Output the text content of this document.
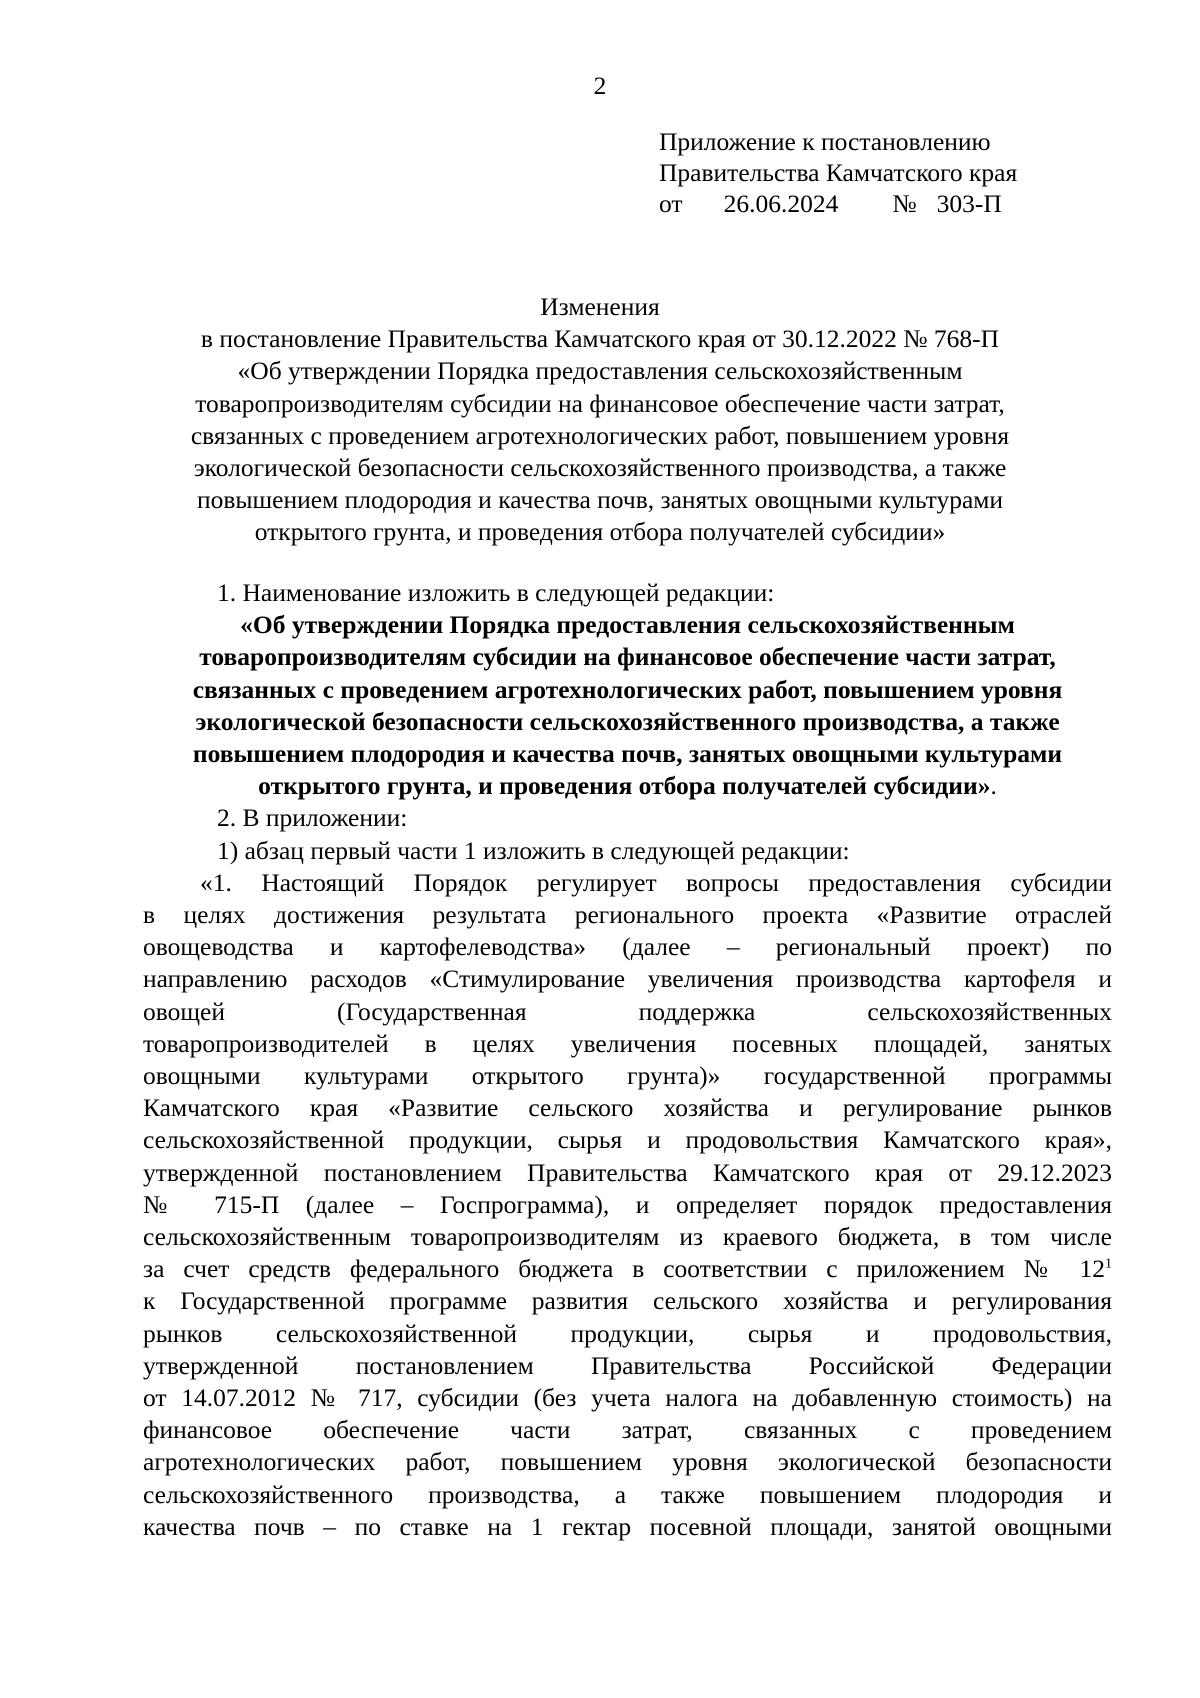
2
Приложение к постановлению
Правительства Камчатского края
от 26.06.2024 № 303-П
Изменения
в постановление Правительства Камчатского края от 30.12.2022 № 768-П
«Об утверждении Порядка предоставления сельскохозяйственным
товаропроизводителям субсидии на финансовое обеспечение части затрат,
связанных с проведением агротехнологических работ, повышением уровня
экологической безопасности сельскохозяйственного производства, а также
повышением плодородия и качества почв, занятых овощными культурами
открытого грунта, и проведения отбора получателей субсидии»

1. Наименование изложить в следующей редакции:

«Об утверждении Порядка предоставления сельскохозяйственным
товаропроизводителям субсидии на финансовое обеспечение части затрат,
связанных с проведением агротехнологических работ, повышением уровня
экологической безопасности сельскохозяйственного производства, а также
повышением плодородия и качества почв, занятых овощными культурами
открытого грунта, и проведения отбора получателей субсидии».

2. В приложении:

1) абзац первый части 1 изложить в следующей редакции:

«1. Настоящий Порядок регулирует вопросы предоставления субсидии
в целях достижения результата регионального проекта «Развитие отраслей
овощеводства и картофелеводства» (далее – региональный проект) по
направлению расходов «Стимулирование увеличения производства картофеля и
овощей (Государственная поддержка сельскохозяйственных
товаропроизводителей в целях увеличения посевных площадей, занятых
овощными культурами открытого грунта)» государственной программы
Камчатского края «Развитие сельского хозяйства и регулирование рынков
сельскохозяйственной продукции, сырья и продовольствия Камчатского края»,
утвержденной постановлением Правительства Камчатского края от 29.12.2023
№ 715-П (далее – Госпрограмма), и определяет порядок предоставления
сельскохозяйственным товаропроизводителям из краевого бюджета, в том числе
за счет средств федерального бюджета в соответствии с приложением № $12^1$
к Государственной программе развития сельского хозяйства и регулирования
рынков сельскохозяйственной продукции, сырья и продовольствия,
утвержденной постановлением Правительства Российской Федерации
от 14.07.2012 № 717, субсидии (без учета налога на добавленную стоимость) на
финансовое обеспечение части затрат, связанных с проведением
агротехнологических работ, повышением уровня экологической безопасности
сельскохозяйственного производства, а также повышением плодородия и
качества почв – по ставке на 1 гектар посевной площади, занятой овощными
